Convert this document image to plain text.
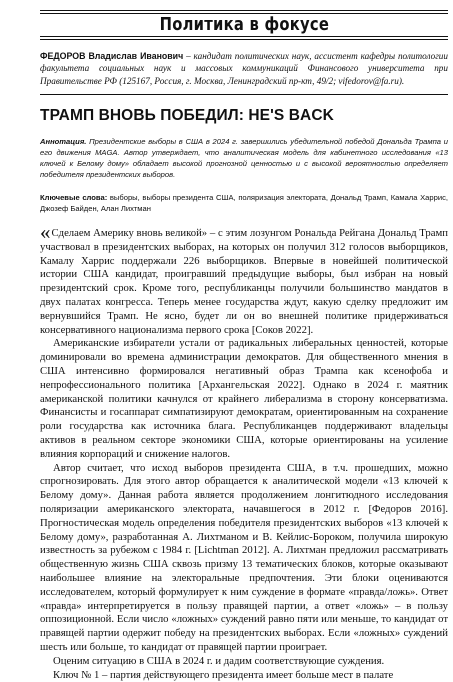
Политика в фокусе
ФЕДОРОВ Владислав Иванович – кандидат политических наук, ассистент кафедры политологии факультета социальных наук и массовых коммуникаций Финансового университета при Правительстве РФ (125167, Россия, г. Москва, Ленинградский пр-кт, 49/2; vifedorov@fa.ru).
ТРАМП ВНОВЬ ПОБЕДИЛ: HE'S BACK
Аннотация. Президентские выборы в США в 2024 г. завершились убедительной победой Дональда Трампа и его движения MAGA. Автор утверждает, что аналитическая модель для кабинетного исследования «13 ключей к Белому дому» обладает высокой прогнозной ценностью и с высокой вероятностью определяет победителя президентских выборов.
Ключевые слова: выборы, выборы президента США, поляризация электората, Дональд Трамп, Камала Харрис, Джозеф Байден, Алан Лихтман

«Сделаем Америку вновь великой» – с этим лозунгом Рональда Рейгана Дональд Трамп участвовал в президентских выборах, на которых он получил 312 голосов выборщиков, Камалу Харрис поддержали 226 выборщиков. Впервые в новейшей политической истории США кандидат, проигравший предыдущие выборы, был избран на новый президентский срок. Кроме того, республиканцы получили большинство мандатов в двух палатах конгресса. Теперь менее государства ждут, какую сделку предложит им вернувшийся Трамп. Не ясно, будет ли он во внешней политике придерживаться консервативного национализма первого срока [Соков 2022].

Американские избиратели устали от радикальных либеральных ценностей, которые доминировали во времена администрации демократов. Для общественного мнения в США интенсивно формировался негативный образ Трампа как ксенофоба и непрофессионального политика [Архангельская 2022]. Однако в 2024 г. маятник американской политики качнулся от крайнего либерализма в сторону консерватизма. Финансисты и госаппарат симпатизируют демократам, ориентированным на сохранение роли государства как источника блага. Республиканцев поддерживают владельцы активов в реальном секторе экономики США, которые ориентированы на усиление влияния корпораций и снижение налогов.

Автор считает, что исход выборов президента США, в т.ч. прошедших, можно спрогнозировать. Для этого автор обращается к аналитической модели «13 ключей к Белому дому». Данная работа является продолжением лонгитюдного исследования поляризации американского электората, начавшегося в 2012 г. [Федоров 2016]. Прогностическая модель определения победителя президентских выборов «13 ключей к Белому дому», разработанная А. Лихтманом и В. Кейлис-Бороком, получила широкую известность за рубежом с 1984 г. [Lichtman 2012]. А. Лихтман предложил рассматривать общественную жизнь США сквозь призму 13 тематических блоков, которые оказывают наибольшее влияние на электоральные предпочтения. Эти блоки оцениваются исследователем, который формулирует к ним суждение в формате «правда/ложь». Ответ «правда» интерпретируется в пользу правящей партии, а ответ «ложь» – в пользу оппозиционной. Если число «ложных» суждений равно пяти или меньше, то кандидат от правящей партии одержит победу на президентских выборах. Если «ложных» суждений шесть или больше, то кандидат от правящей партии проиграет.

Оценим ситуацию в США в 2024 г. и дадим соответствующие суждения.

Ключ № 1 – партия действующего президента имеет больше мест в палате
